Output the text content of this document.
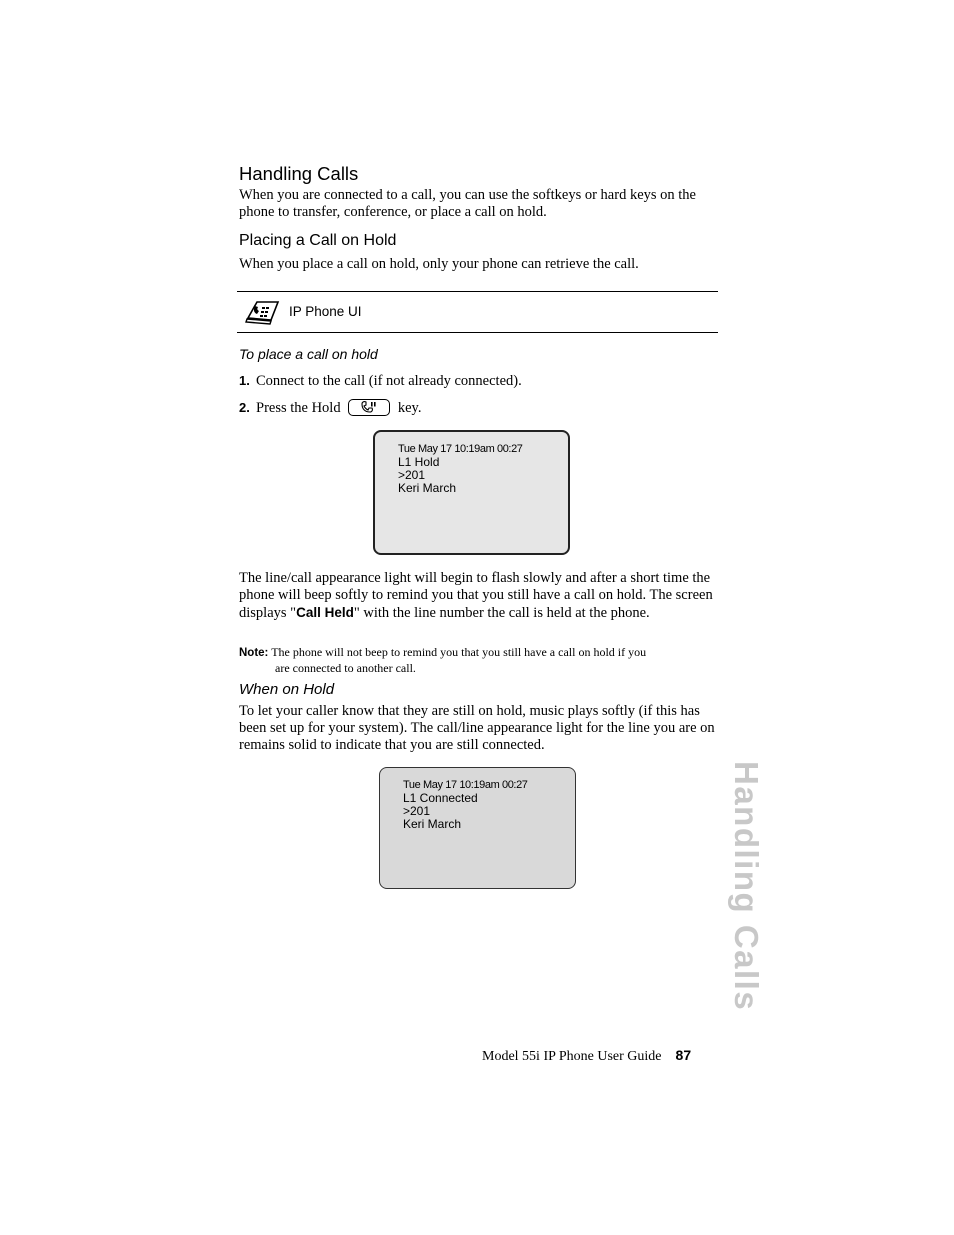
Handling Calls
When you are connected to a call, you can use the softkeys or hard keys on the phone to transfer, conference, or place a call on hold.
Placing a Call on Hold
When you place a call on hold, only your phone can retrieve the call.
IP Phone UI
To place a call on hold
1. Connect to the call (if not already connected).
2. Press the Hold	key.
Tue May 17 10:19am 00:27
L1 Hold
>201
Keri March
The line/call appearance light will begin to flash slowly and after a short time the phone will beep softly to remind you that you still have a call on hold. The screen displays "Call Held" with the line number the call is held at the phone.
Note: The phone will not beep to remind you that you still have a call on hold if you
are connected to another call.
When on Hold
To let your caller know that they are still on hold, music plays softly (if this has been set up for your system). The call/line appearance light for the line you are on remains solid to indicate that you are still connected.
Tue May 17 10:19am 00:27
L1 Connected
>201
Keri March	Handling Calls
Model 55i IP Phone User Guide 87
